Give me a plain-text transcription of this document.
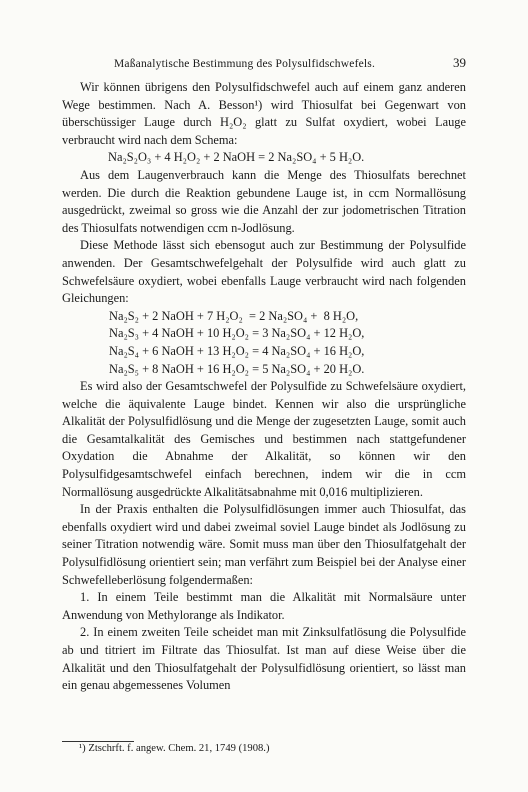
Maßanalytische Bestimmung des Polysulfidschwefels.	39

Wir können übrigens den Polysulfidschwefel auch auf einem ganz anderen Wege bestimmen. Nach A. Besson¹) wird Thiosulfat bei Gegenwart von überschüssiger Lauge durch H₂O₂ glatt zu Sulfat oxydiert, wobei Lauge verbraucht wird nach dem Schema:

Na₂S₂O₃ + 4 H₂O₂ + 2 NaOH = 2 Na₂SO₄ + 5 H₂O.

Aus dem Laugenverbrauch kann die Menge des Thiosulfats berechnet werden. Die durch die Reaktion gebundene Lauge ist, in ccm Normallösung ausgedrückt, zweimal so gross wie die Anzahl der zur jodometrischen Titration des Thiosulfats notwendigen ccm n-Jodlösung.

Diese Methode lässt sich ebensogut auch zur Bestimmung der Polysulfide anwenden. Der Gesamtschwefelgehalt der Polysulfide wird auch glatt zu Schwefelsäure oxydiert, wobei ebenfalls Lauge verbraucht wird nach folgenden Gleichungen:

Na₂S₂ + 2 NaOH + 7 H₂O₂  = 2 Na₂SO₄ +  8 H₂O,

Na₂S₃ + 4 NaOH + 10 H₂O₂ = 3 Na₂SO₄ + 12 H₂O,

Na₂S₄ + 6 NaOH + 13 H₂O₂ = 4 Na₂SO₄ + 16 H₂O,

Na₂S₅ + 8 NaOH + 16 H₂O₂ = 5 Na₂SO₄ + 20 H₂O.

Es wird also der Gesamtschwefel der Polysulfide zu Schwefelsäure oxydiert, welche die äquivalente Lauge bindet. Kennen wir also die ursprüngliche Alkalität der Polysulfidlösung und die Menge der zugesetzten Lauge, somit auch die Gesamtalkalität des Gemisches und bestimmen nach stattgefundener Oxydation die Abnahme der Alkalität, so können wir den Polysulfidgesamtschwefel einfach berechnen, indem wir die in ccm Normallösung ausgedrückte Alkalitätsabnahme mit 0,016 multiplizieren.

In der Praxis enthalten die Polysulfidlösungen immer auch Thiosulfat, das ebenfalls oxydiert wird und dabei zweimal soviel Lauge bindet als Jodlösung zu seiner Titration notwendig wäre. Somit muss man über den Thiosulfatgehalt der Polysulfidlösung orientiert sein; man verfährt zum Beispiel bei der Analyse einer Schwefelleberlösung folgendermaßen:

1. In einem Teile bestimmt man die Alkalität mit Normalsäure unter Anwendung von Methylorange als Indikator.

2. In einem zweiten Teile scheidet man mit Zinksulfatlösung die Polysulfide ab und titriert im Filtrate das Thiosulfat. Ist man auf diese Weise über die Alkalität und den Thiosulfatgehalt der Polysulfidlösung orientiert, so lässt man ein genau abgemessenes Volumen

¹) Ztschrft. f. angew. Chem. 21, 1749 (1908.)
